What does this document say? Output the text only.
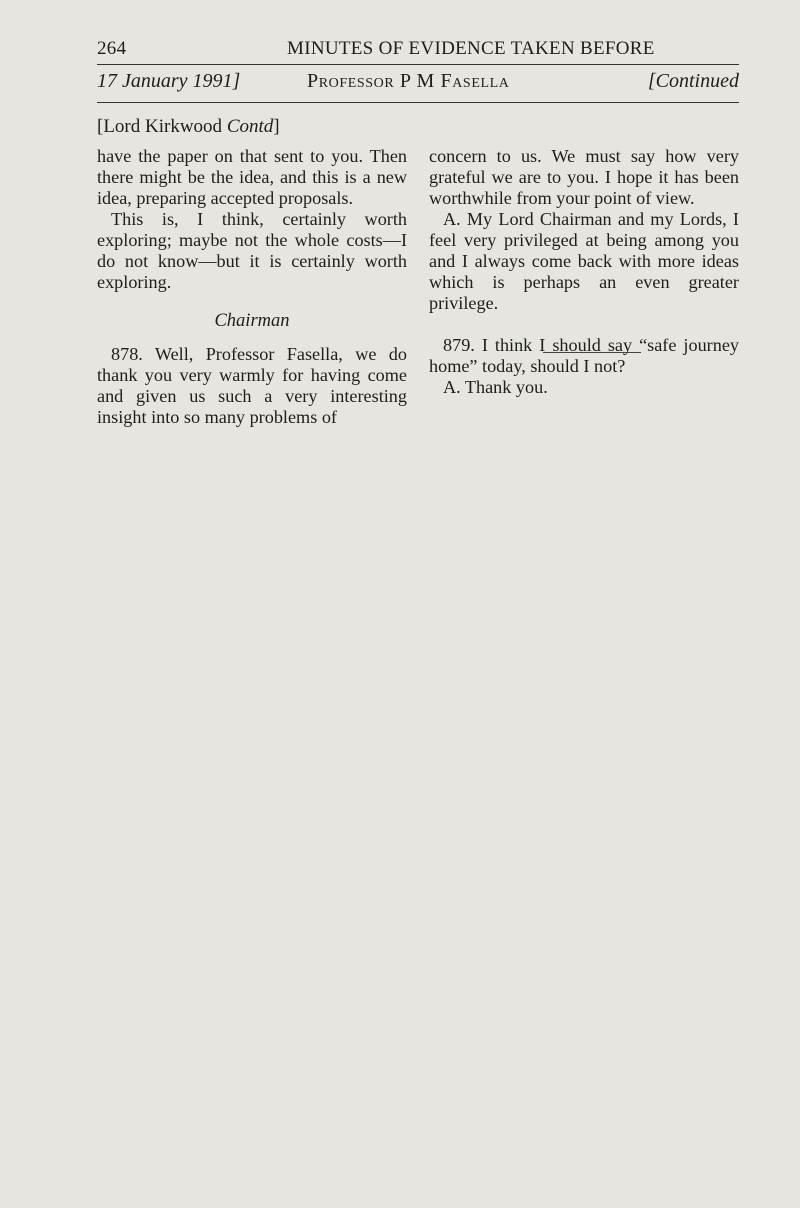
264	MINUTES OF EVIDENCE TAKEN BEFORE
17 January 1991]	Professor P M Fasella	[Continued
[Lord Kirkwood Contd]

have the paper on that sent to you. Then there might be the idea, and this is a new idea, preparing accepted proposals.

This is, I think, certainly worth exploring; maybe not the whole costs—I do not know—but it is certainly worth exploring.

Chairman

878. Well, Professor Fasella, we do thank you very warmly for having come and given us such a very interesting insight into so many problems of

concern to us. We must say how very grateful we are to you. I hope it has been worthwhile from your point of view.

A. My Lord Chairman and my Lords, I feel very privileged at being among you and I always come back with more ideas which is perhaps an even greater privilege.

879. I think I should say “safe journey home” today, should I not?

A. Thank you.
